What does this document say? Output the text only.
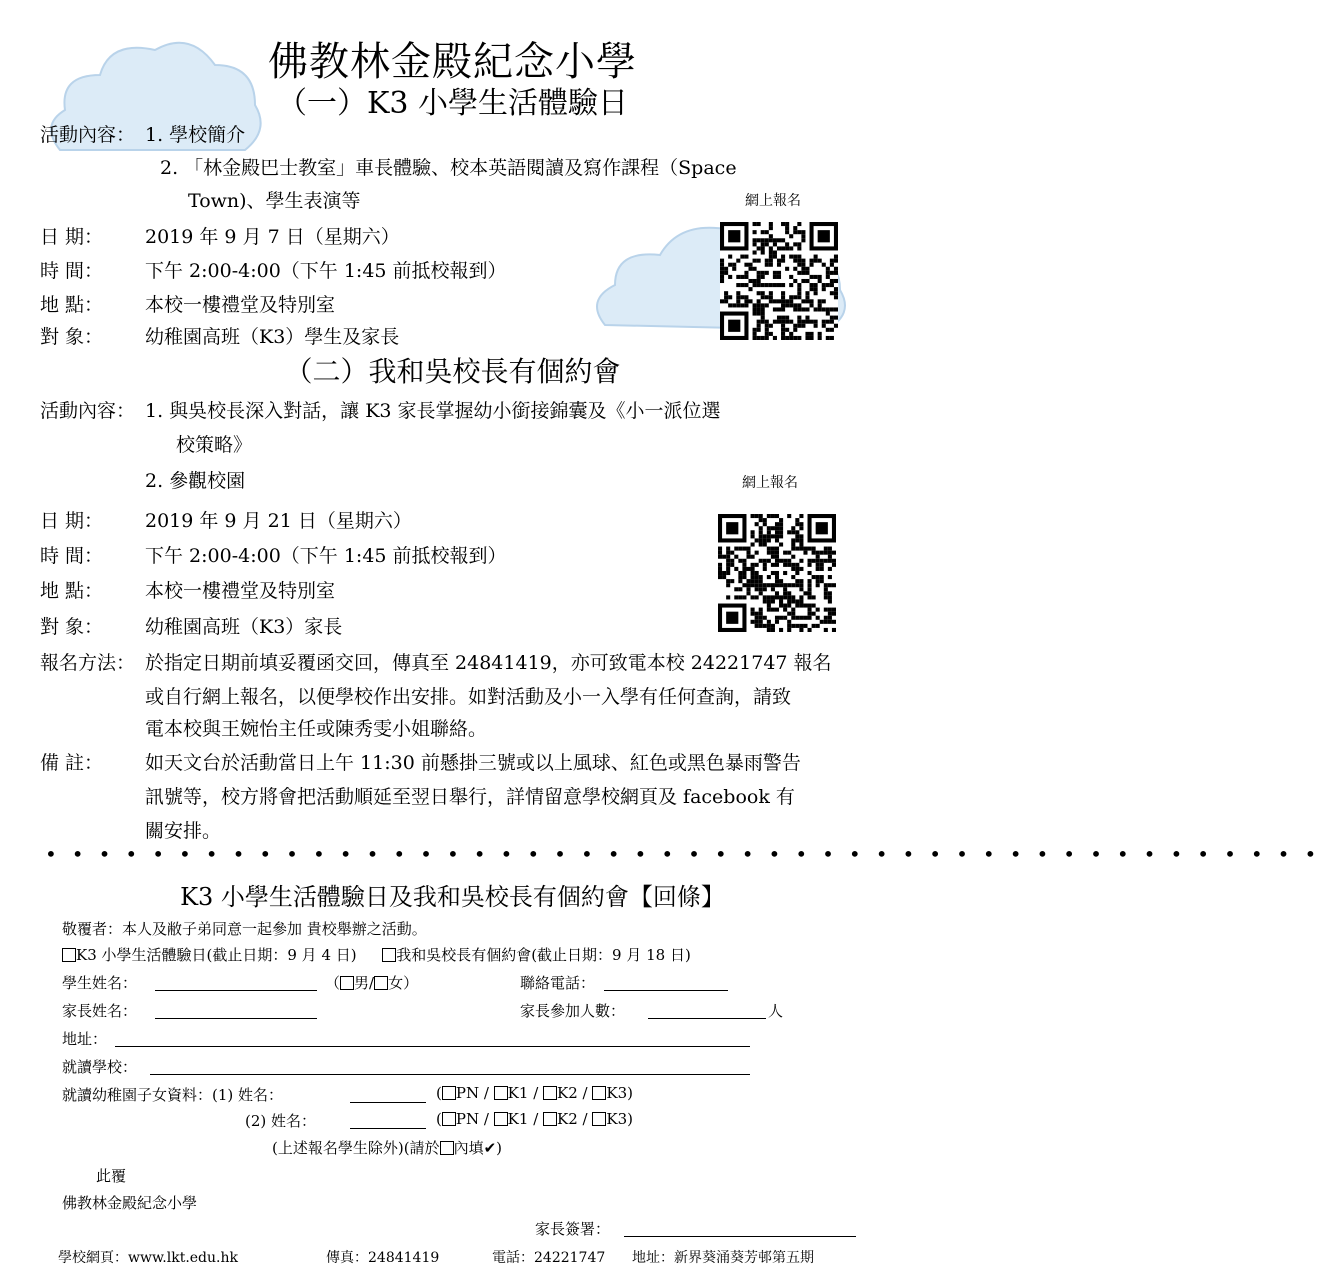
佛教林金殿紀念小學
（一）K3 小學生活體驗日
活動內容： 1. 學校簡介
2. 「林金殿巴士教室」車長體驗、校本英語閱讀及寫作課程（Space
Town)、學生表演等	網上報名
日 期： 2019 年 9 月 7 日（星期六）
時 間： 下午 2:00-4:00（下午 1:45 前抵校報到）
地 點： 本校一樓禮堂及特別室
對 象： 幼稚園高班（K3）學生及家長
（二）我和吳校長有個約會
活動內容： 1. 與吳校長深入對話，讓 K3 家長掌握幼小銜接錦囊及《小一派位選
校策略》
2. 參觀校園	網上報名
日 期： 2019 年 9 月 21 日（星期六）
時 間： 下午 2:00-4:00（下午 1:45 前抵校報到）
地 點： 本校一樓禮堂及特別室
對 象： 幼稚園高班（K3）家長
報名方法： 於指定日期前填妥覆函交回，傳真至 24841419，亦可致電本校 24221747 報名
或自行網上報名，以便學校作出安排。如對活動及小一入學有任何查詢，請致
電本校與王婉怡主任或陳秀雯小姐聯絡。
備 註： 如天文台於活動當日上午 11:30 前懸掛三號或以上風球、紅色或黑色暴雨警告
訊號等，校方將會把活動順延至翌日舉行，詳情留意學校網頁及 facebook 有
關安排。
••••••••••••••••••••••••••••••••••••••••••••••••
K3 小學生活體驗日及我和吳校長有個約會【回條】
敬覆者：本人及敝子弟同意一起參加 貴校舉辦之活動。
K3 小學生活體驗日(截止日期：9 月 4 日)	我和吳校長有個約會(截止日期：9 月 18 日)
學生姓名：	（ 男/ 女）	聯絡電話：
家長姓名：	家長參加人數：	人
地址：
就讀學校：
就讀幼稚園子女資料：(1) 姓名：	( PN / K1 / K2 / K3)
(2) 姓名：	( PN / K1 / K2 / K3)
(上述報名學生除外)(請於 內填✔)
此覆
佛教林金殿紀念小學
家長簽署：
學校網頁：www.lkt.edu.hk	傳真：24841419	電話：24221747 地址：新界葵涌葵芳邨第五期
